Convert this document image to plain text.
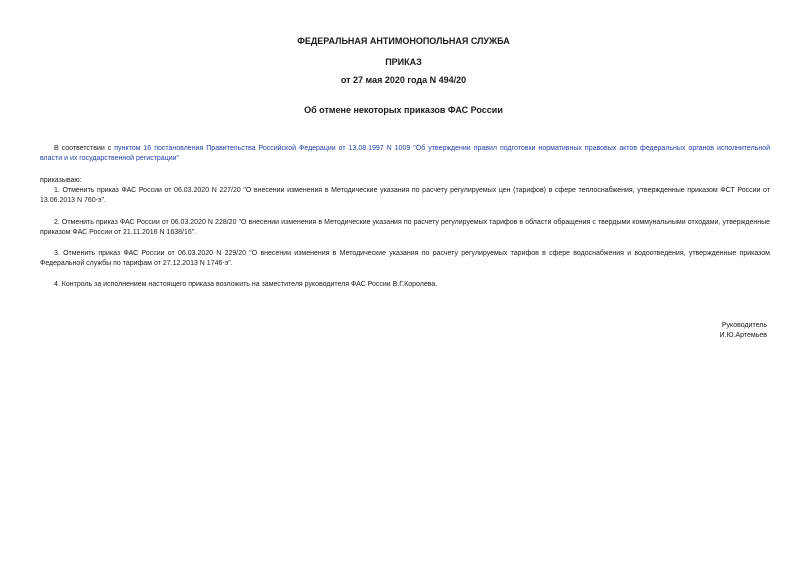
ФЕДЕРАЛЬНАЯ АНТИМОНОПОЛЬНАЯ СЛУЖБА
ПРИКАЗ
от 27 мая 2020 года N 494/20
Об отмене некоторых приказов ФАС России
В соответствии с пунктом 16 постановления Правительства Российской Федерации от 13.08.1997 N 1009 "Об утверждении правил подготовки нормативных правовых актов федеральных органов исполнительной власти и их государственной регистрации"
приказываю:
1. Отменить приказ ФАС России от 06.03.2020 N 227/20 "О внесении изменения в Методические указания по расчету регулируемых цен (тарифов) в сфере теплоснабжения, утвержденные приказом ФСТ России от 13.06.2013 N 760-э".
2. Отменить приказ ФАС России от 06.03.2020 N 228/20 "О внесении изменения в Методические указания по расчету регулируемых тарифов в области обращения с твердыми коммунальными отходами, утвержденные приказом ФАС России от 21.11.2016 N 1638/16".
3. Отменить приказ ФАС России от 06.03.2020 N 229/20 "О внесении изменения в Методические указания по расчету регулируемых тарифов в сфере водоснабжения и водоотведения, утвержденные приказом Федеральной службы по тарифам от 27.12.2013 N 1746-э".
4. Контроль за исполнением настоящего приказа возложить на заместителя руководителя ФАС России В.Г.Королева.
Руководитель
И.Ю.Артемьев
